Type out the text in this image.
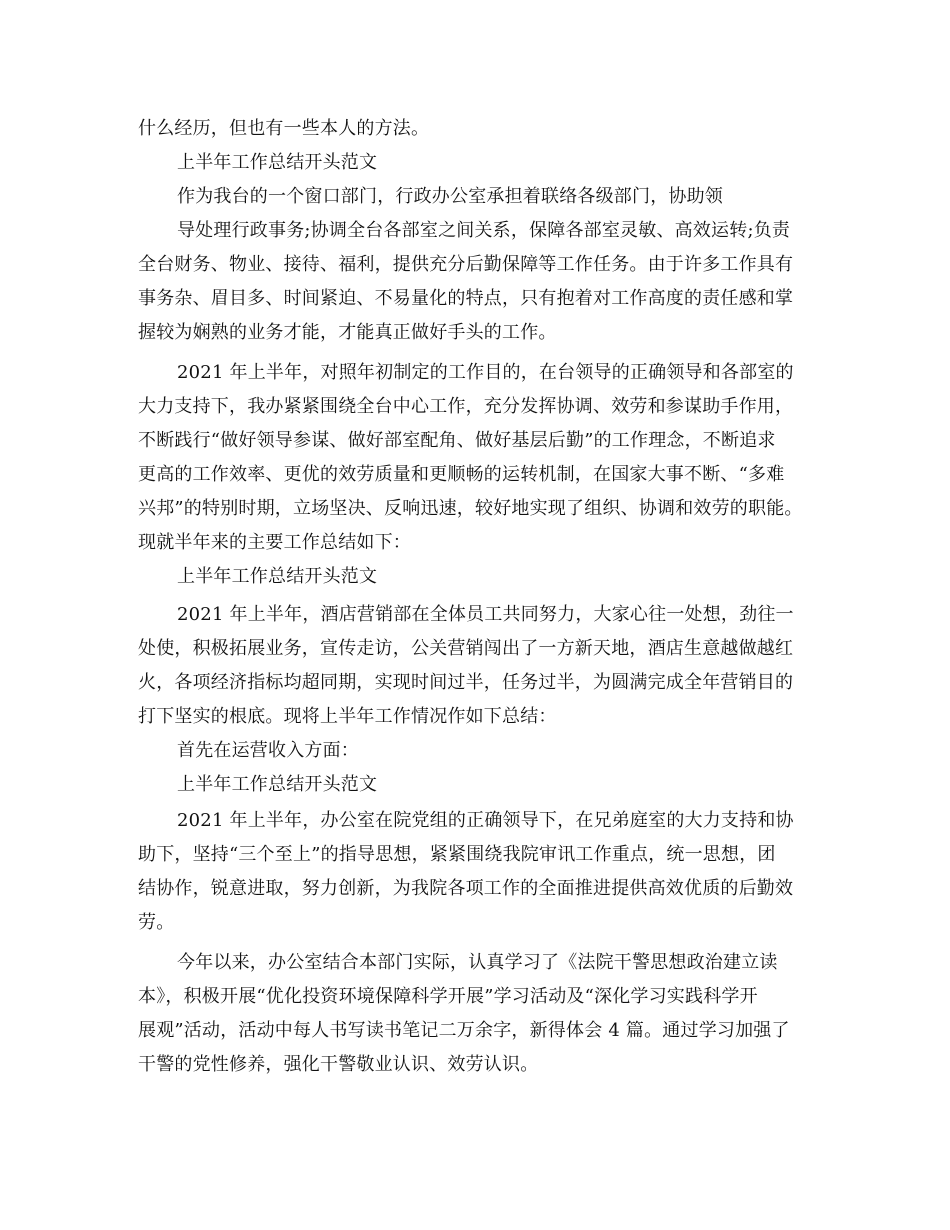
什么经历，但也有一些本人的方法。
上半年工作总结开头范文
作为我台的一个窗口部门，行政办公室承担着联络各级部门，协助领
导处理行政事务;协调全台各部室之间关系，保障各部室灵敏、高效运转;负责
全台财务、物业、接待、福利，提供充分后勤保障等工作任务。由于许多工作具有
事务杂、眉目多、时间紧迫、不易量化的特点，只有抱着对工作高度的责任感和掌
握较为娴熟的业务才能，才能真正做好手头的工作。
2021 年上半年，对照年初制定的工作目的，在台领导的正确领导和各部室的
大力支持下，我办紧紧围绕全台中心工作，充分发挥协调、效劳和参谋助手作用，
不断践行“做好领导参谋、做好部室配角、做好基层后勤”的工作理念，不断追求
更高的工作效率、更优的效劳质量和更顺畅的运转机制，在国家大事不断、“多难
兴邦”的特别时期，立场坚决、反响迅速，较好地实现了组织、协调和效劳的职能。
现就半年来的主要工作总结如下：
上半年工作总结开头范文
2021 年上半年，酒店营销部在全体员工共同努力，大家心往一处想，劲往一
处使，积极拓展业务，宣传走访，公关营销闯出了一方新天地，酒店生意越做越红
火，各项经济指标均超同期，实现时间过半，任务过半，为圆满完成全年营销目的
打下坚实的根底。现将上半年工作情况作如下总结：
首先在运营收入方面：
上半年工作总结开头范文
2021 年上半年，办公室在院党组的正确领导下，在兄弟庭室的大力支持和协
助下，坚持“三个至上”的指导思想，紧紧围绕我院审讯工作重点，统一思想，团
结协作，锐意进取，努力创新，为我院各项工作的全面推进提供高效优质的后勤效
劳。
今年以来，办公室结合本部门实际，认真学习了《法院干警思想政治建立读
本》，积极开展“优化投资环境保障科学开展”学习活动及“深化学习实践科学开
展观”活动，活动中每人书写读书笔记二万余字，新得体会 4 篇。通过学习加强了
干警的党性修养，强化干警敬业认识、效劳认识。
